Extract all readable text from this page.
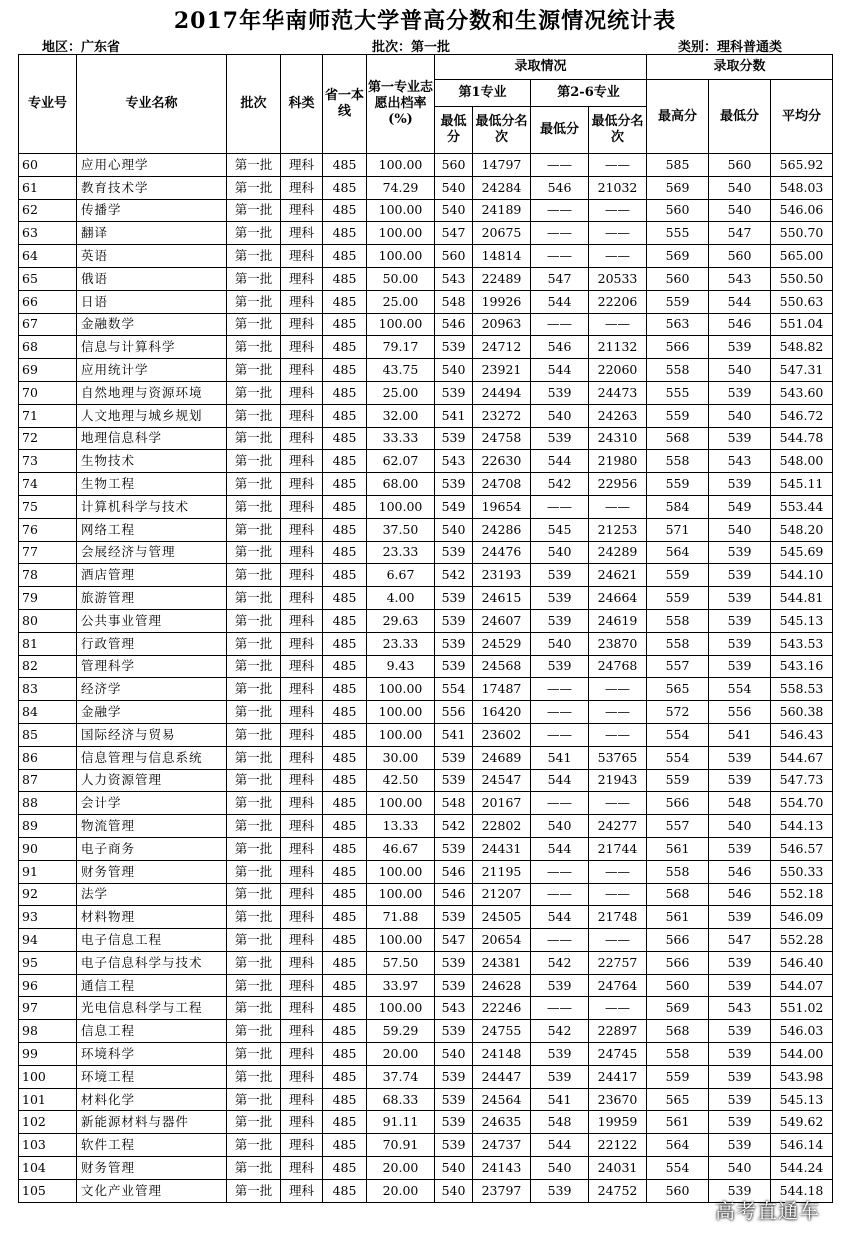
2017年华南师范大学普高分数和生源情况统计表
地区：广东省	批次：第一批	类别：理科普通类
专业号	专业名称	批次	科类	省一本线	第一专业志愿出档率(%)	录取情况				录取分数		
						第1专业		第2-6专业		最高分	最低分	平均分
						最低分	最低分名次	最低分	最低分名次			
60	应用心理学	第一批	理科	485	100.00	560	14797	——	——	585	560	565.92
61	教育技术学	第一批	理科	485	74.29	540	24284	546	21032	569	540	548.03
62	传播学	第一批	理科	485	100.00	540	24189	——	——	560	540	546.06
63	翻译	第一批	理科	485	100.00	547	20675	——	——	555	547	550.70
64	英语	第一批	理科	485	100.00	560	14814	——	——	569	560	565.00
65	俄语	第一批	理科	485	50.00	543	22489	547	20533	560	543	550.50
66	日语	第一批	理科	485	25.00	548	19926	544	22206	559	544	550.63
67	金融数学	第一批	理科	485	100.00	546	20963	——	——	563	546	551.04
68	信息与计算科学	第一批	理科	485	79.17	539	24712	546	21132	566	539	548.82
69	应用统计学	第一批	理科	485	43.75	540	23921	544	22060	558	540	547.31
70	自然地理与资源环境	第一批	理科	485	25.00	539	24494	539	24473	555	539	543.60
71	人文地理与城乡规划	第一批	理科	485	32.00	541	23272	540	24263	559	540	546.72
72	地理信息科学	第一批	理科	485	33.33	539	24758	539	24310	568	539	544.78
73	生物技术	第一批	理科	485	62.07	543	22630	544	21980	558	543	548.00
74	生物工程	第一批	理科	485	68.00	539	24708	542	22956	559	539	545.11
75	计算机科学与技术	第一批	理科	485	100.00	549	19654	——	——	584	549	553.44
76	网络工程	第一批	理科	485	37.50	540	24286	545	21253	571	540	548.20
77	会展经济与管理	第一批	理科	485	23.33	539	24476	540	24289	564	539	545.69
78	酒店管理	第一批	理科	485	6.67	542	23193	539	24621	559	539	544.10
79	旅游管理	第一批	理科	485	4.00	539	24615	539	24664	559	539	544.81
80	公共事业管理	第一批	理科	485	29.63	539	24607	539	24619	558	539	545.13
81	行政管理	第一批	理科	485	23.33	539	24529	540	23870	558	539	543.53
82	管理科学	第一批	理科	485	9.43	539	24568	539	24768	557	539	543.16
83	经济学	第一批	理科	485	100.00	554	17487	——	——	565	554	558.53
84	金融学	第一批	理科	485	100.00	556	16420	——	——	572	556	560.38
85	国际经济与贸易	第一批	理科	485	100.00	541	23602	——	——	554	541	546.43
86	信息管理与信息系统	第一批	理科	485	30.00	539	24689	541	53765	554	539	544.67
87	人力资源管理	第一批	理科	485	42.50	539	24547	544	21943	559	539	547.73
88	会计学	第一批	理科	485	100.00	548	20167	——	——	566	548	554.70
89	物流管理	第一批	理科	485	13.33	542	22802	540	24277	557	540	544.13
90	电子商务	第一批	理科	485	46.67	539	24431	544	21744	561	539	546.57
91	财务管理	第一批	理科	485	100.00	546	21195	——	——	558	546	550.33
92	法学	第一批	理科	485	100.00	546	21207	——	——	568	546	552.18
93	材料物理	第一批	理科	485	71.88	539	24505	544	21748	561	539	546.09
94	电子信息工程	第一批	理科	485	100.00	547	20654	——	——	566	547	552.28
95	电子信息科学与技术	第一批	理科	485	57.50	539	24381	542	22757	566	539	546.40
96	通信工程	第一批	理科	485	33.97	539	24628	539	24764	560	539	544.07
97	光电信息科学与工程	第一批	理科	485	100.00	543	22246	——	——	569	543	551.02
98	信息工程	第一批	理科	485	59.29	539	24755	542	22897	568	539	546.03
99	环境科学	第一批	理科	485	20.00	540	24148	539	24745	558	539	544.00
100	环境工程	第一批	理科	485	37.74	539	24447	539	24417	559	539	543.98
101	材料化学	第一批	理科	485	68.33	539	24564	541	23670	565	539	545.13
102	新能源材料与器件	第一批	理科	485	91.11	539	24635	548	19959	561	539	549.62
103	软件工程	第一批	理科	485	70.91	539	24737	544	22122	564	539	546.14
104	财务管理	第一批	理科	485	20.00	540	24143	540	24031	554	540	544.24
105	文化产业管理	第一批	理科	485	20.00	540	23797	539	24752	560	539	544.18
高考直通车
